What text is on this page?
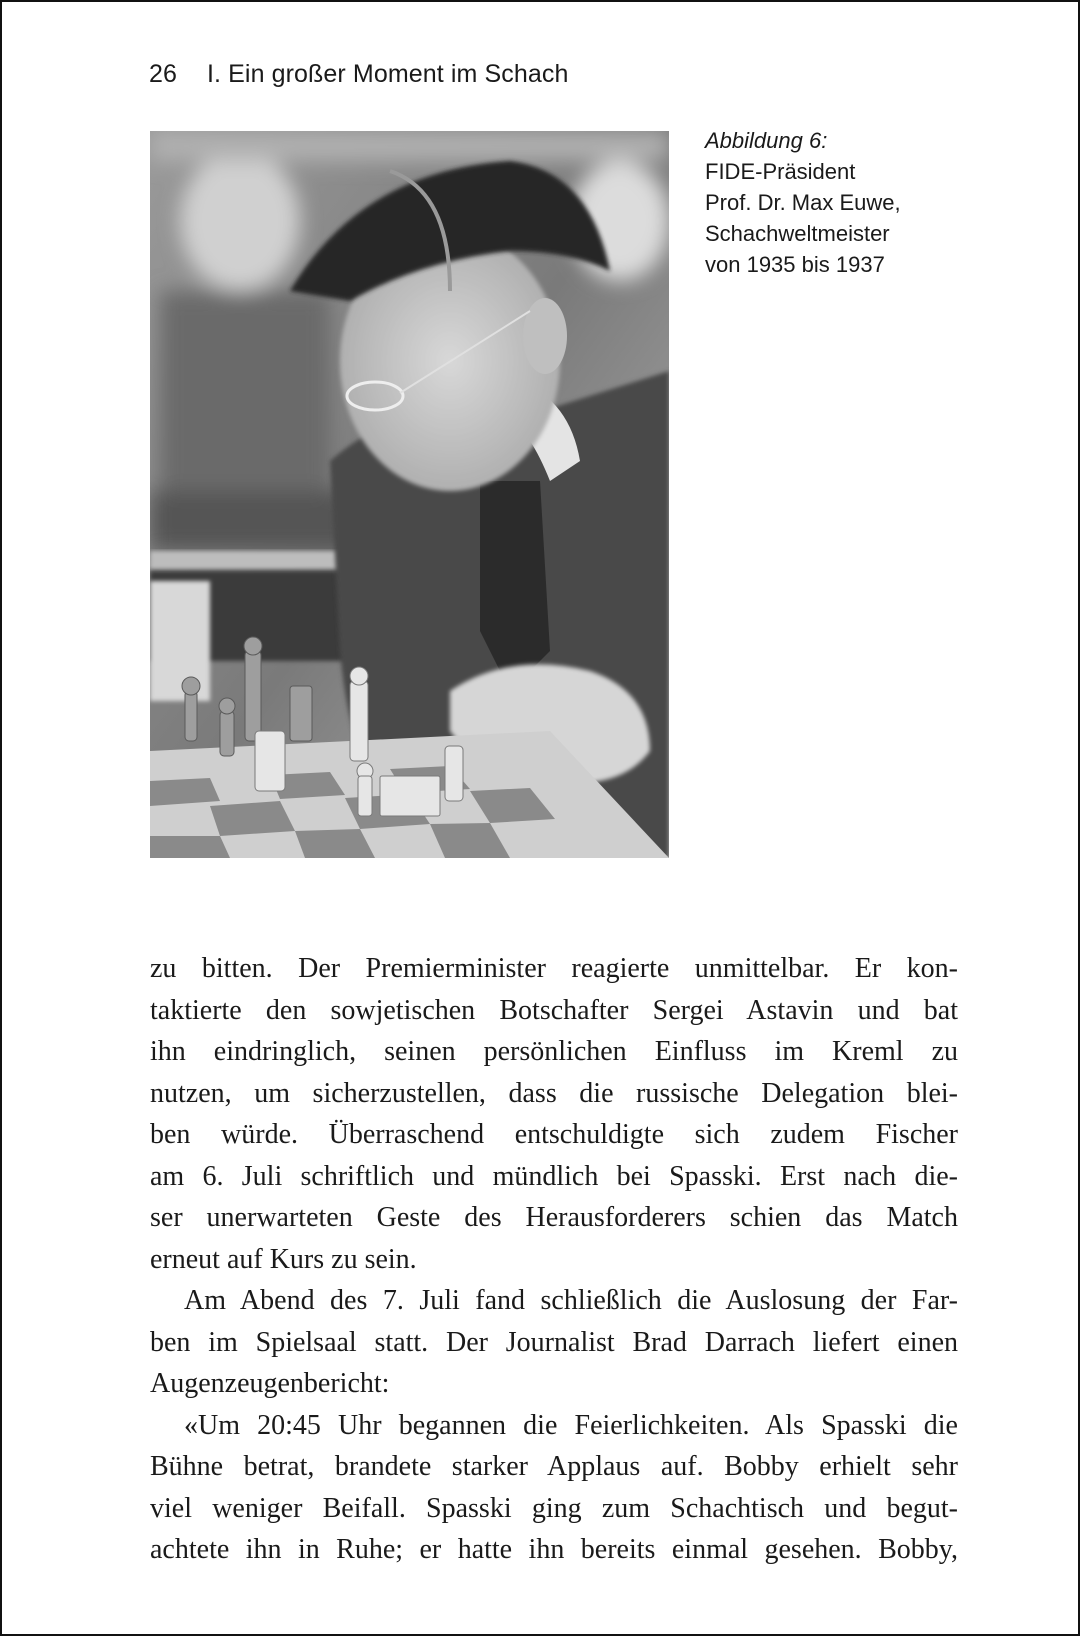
26 I. Ein großer Moment im Schach
Abbildung 6:
FIDE-Präsident
Prof. Dr. Max Euwe,
Schachweltmeister
von 1935 bis 1937
zu bitten. Der Premierminister reagierte unmittelbar. Er kon-
taktierte den sowjetischen Botschafter Sergei Astavin und bat
ihn eindringlich, seinen persönlichen Einfluss im Kreml zu
nutzen, um sicherzustellen, dass die russische Delegation blei-
ben würde. Überraschend entschuldigte sich zudem Fischer
am 6. Juli schriftlich und mündlich bei Spasski. Erst nach die-
ser unerwarteten Geste des Herausforderers schien das Match
erneut auf Kurs zu sein.
Am Abend des 7. Juli fand schließlich die Auslosung der Far-
ben im Spielsaal statt. Der Journalist Brad Darrach liefert einen
Augenzeugenbericht:
«Um 20:45 Uhr begannen die Feierlichkeiten. Als Spasski die
Bühne betrat, brandete starker Applaus auf. Bobby erhielt sehr
viel weniger Beifall. Spasski ging zum Schachtisch und begut-
achtete ihn in Ruhe; er hatte ihn bereits einmal gesehen. Bobby,
